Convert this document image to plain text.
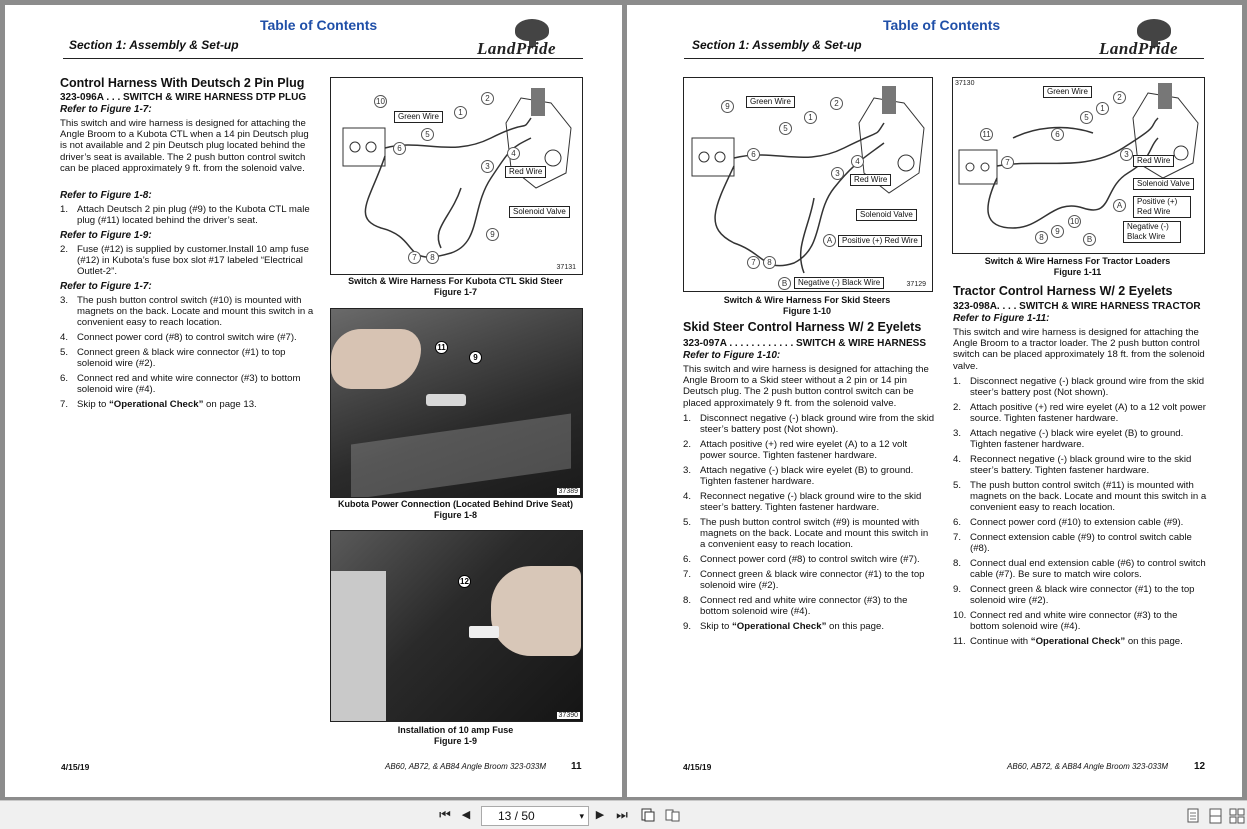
Table of Contents
Section 1: Assembly & Set-up	LandPride
Control Harness With Deutsch 2 Pin Plug
323-096A . . . SWITCH & WIRE HARNESS DTP PLUG
Refer to Figure 1-7:
This switch and wire harness is designed for attaching the Angle Broom to a Kubota CTL when a 14 pin Deutsch plug is not available and 2 pin Deutsch plug located behind the driver’s seat is available. The 2 push button control switch can be placed approximately 9 ft. from the solenoid valve.
Refer to Figure 1-8:
1. Attach Deutsch 2 pin plug (#9) to the Kubota CTL male plug (#11) located behind the driver’s seat.
Refer to Figure 1-9:
2. Fuse (#12) is supplied by customer.Install 10 amp fuse (#12) in Kubota’s fuse box slot #17 labeled “Electrical Outlet-2”.
Refer to Figure 1-7:
3. The push button control switch (#10) is mounted with magnets on the back. Locate and mount this switch in a convenient easy to reach location.
4. Connect power cord (#8) to control switch wire (#7).
5. Connect green & black wire connector (#1) to top solenoid wire (#2).
6. Connect red and white wire connector (#3) to bottom solenoid wire (#4).
7. Skip to “Operational Check” on page 13.
10
1
2
5
6
4
3
9
7	8
Green Wire
Red Wire
Solenoid Valve
37131
Switch & Wire Harness For Kubota CTL Skid Steer
Figure 1-7
11
9
37389
Kubota Power Connection (Located Behind Drive Seat)
Figure 1-8
12
37390
Installation of 10 amp Fuse
Figure 1-9
4/15/19	AB60, AB72, & AB84 Angle Broom 323-033M	11
Table of Contents
Section 1: Assembly & Set-up	LandPride
9	2
1
5
6
4
3
A
7	8
B
Green Wire
Red Wire
Solenoid Valve
Positive (+) Red Wire
Negative (-) Black Wire	37129
Switch & Wire Harness For Skid Steers
Figure 1-10
37130
2
1
5
11	6
7
3
A
10
9
8	B
Green Wire
Red Wire
Solenoid Valve
Positive (+) Red Wire
Negative (-) Black Wire
Switch & Wire Harness For Tractor Loaders
Figure 1-11
Skid Steer Control Harness W/ 2 Eyelets
323-097A . . . . . . . . . . . . SWITCH & WIRE HARNESS
Refer to Figure 1-10:
This switch and wire harness is designed for attaching the Angle Broom to a Skid steer without a 2 pin or 14 pin Deutsch plug. The 2 push button control switch can be placed approximately 9 ft. from the solenoid valve.
1. Disconnect negative (-) black ground wire from the skid steer’s battery post (Not shown).
2. Attach positive (+) red wire eyelet (A) to a 12 volt power source. Tighten fastener hardware.
3. Attach negative (-) black wire eyelet (B) to ground. Tighten fastener hardware.
4. Reconnect negative (-) black ground wire to the skid steer’s battery. Tighten fastener hardware.
5. The push button control switch (#9) is mounted with magnets on the back. Locate and mount this switch in a convenient easy to reach location.
6. Connect power cord (#8) to control switch wire (#7).
7. Connect green & black wire connector (#1) to the top solenoid wire (#2).
8. Connect red and white wire connector (#3) to the bottom solenoid wire (#4).
9. Skip to “Operational Check” on this page.
Tractor Control Harness W/ 2 Eyelets
323-098A. . . . SWITCH & WIRE HARNESS TRACTOR
Refer to Figure 1-11:
This switch and wire harness is designed for attaching the Angle Broom to a tractor loader. The 2 push button control switch can be placed approximately 18 ft. from the solenoid valve.
1. Disconnect negative (-) black ground wire from the skid steer’s battery post (Not shown).
2. Attach positive (+) red wire eyelet (A) to a 12 volt power source. Tighten fastener hardware.
3. Attach negative (-) black wire eyelet (B) to ground. Tighten fastener hardware.
4. Reconnect negative (-) black ground wire to the skid steer’s battery. Tighten fastener hardware.
5. The push button control switch (#11) is mounted with magnets on the back. Locate and mount this switch in a convenient easy to reach location.
6. Connect power cord (#10) to extension cable (#9).
7. Connect extension cable (#9) to control switch cable (#8).
8. Connect dual end extension cable (#6) to control switch cable (#7). Be sure to match wire colors.
9. Connect green & black wire connector (#1) to the top solenoid wire (#2).
10. Connect red and white wire connector (#3) to the bottom solenoid wire (#4).
11. Continue with “Operational Check” on this page.
4/15/19	AB60, AB72, & AB84 Angle Broom 323-033M	12
⏮ ◀ 13 / 50	▾ ▶ ⏭
